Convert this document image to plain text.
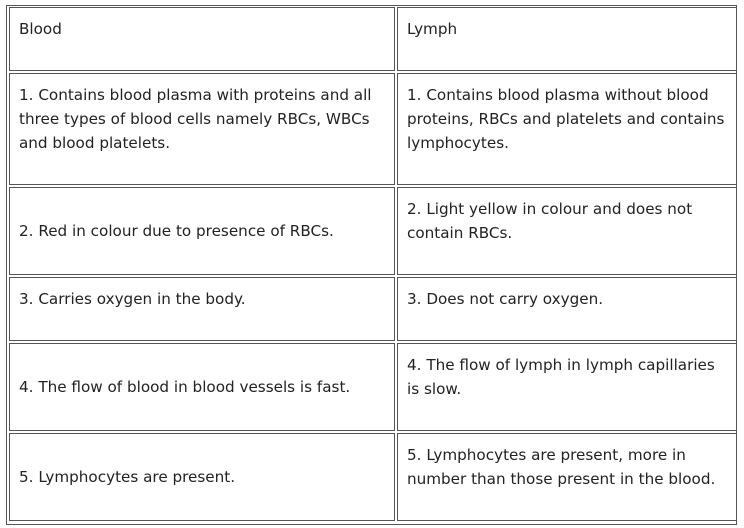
Blood	Lymph
1. Contains blood plasma with proteins and all three types of blood cells namely RBCs, WBCs and blood platelets.
1. Contains blood plasma without blood proteins, RBCs and platelets and contains lymphocytes.
2. Red in colour due to presence of RBCs.
2. Light yellow in colour and does not contain RBCs.
3. Carries oxygen in the body.	3. Does not carry oxygen.
4. The flow of blood in blood vessels is fast.
4. The flow of lymph in lymph capillaries is slow.
5. Lymphocytes are present.
5. Lymphocytes are present, more in number than those present in the blood.
